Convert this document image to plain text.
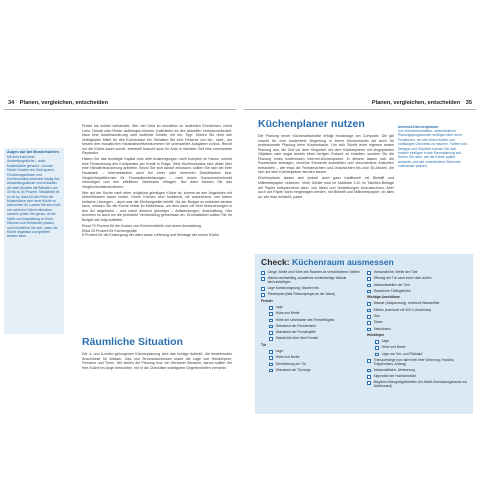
34 Planen, vergleichen, entscheiden	Planen, vergleichen, entscheiden 35
Augen auf bei Musterküchen
Mit dem Kauf einer Ausstellungsküche – auch Musterküche genannt – können Käufer Kunden viel Geld sparen. Einrichtungshäuser und Küchenstudios wechseln häufig ihre Ausstellungsstücke und verkaufen die alten Modelle mit Rabatten von 30 bis zu 60 Prozent. Tatsächlich ist es oft so, dass für den Preis der Musterküche eine neue Küche zu bekommen ist. Lassen Sie sich nicht von schönem Schein täuschen, sondern prüfen Sie genau, ob die Maße und Ausstattung zu Ihren Räumen und Wünschen passen, und informieren Sie sich, wann die Küche abgebaut und geliefert werden kann.

Preise bis zuletzt verhandelt, Wer viel Geld im monatlich zu laufenden Einnahmen, meist Lohn, Gehalt oder Rente, aufbringen können, Kaltmieten für den aktuellen Verbrauchsbedarf, etwa eine Autofinanzierung oder laufende Kredite, mit ein. Tipp: Setzen Sie nicht alle verfügbaren Mittel für den Küchenkauf ein. Behalten Sie eine Reserve von ein-, zwei-, am besten drei monatlichen Haushaltsnettoeinkommen für unerwartete Ausgaben zurück. Reicht nur die Küche kaum wurde, eventuell braucht auch Ihr Auto in nächster Zeit eine unerwartete Reparatur.

Haben Sie das benötigte Kapital trotz aller Anstrengungen nicht komplett im Hause, kommt eine Finanzierung des Kaufpreises per Kredit in Frage. Viele Küchenstudios sind direkt über eine Händlerfinanzierung anbieten. Bevor Sie sich darauf einlassen, sollten Sie sich bei Ihrer Hausbank – Internetbanken auch bei einer oder mehreren Direktbanken bzw. Vergleichsplattformen für Finanzdienstleistungen – nach einem Konsumentenkredit erkundigen und den effektiven Jahreszins erfragen. Nur dann können Sie das Vergleichsmaterial dienen.

Wer auf der Suche nach einer möglichst günstigen Küche ist, kommt an den Angeboten mit Möbelhäusern kaum vorbei. Deren Küchen sind funktional, oft ausreichend und haben einfache Lösungen – auch was die Küchengeräte betrifft. Da der Budget so entlastet werden kann, müssen Sie die Küche selbst im Möbelhaus, um dem dann mit Ihrer Anforderungen in den Art abgetimmt – und meist deutsch günstiger – Aufwendungen, Anschaffung. Hier kommen es auch um die preisliche Verhandlung gemeinsam an. Grundsätzlich sollten Sie Ihr Budget wie folgt aufteilen:

Rund 70 Prozent für die Kosten von Küchenmöbeln und deren Ausstattung
Etwa 25 Prozent für Küchengeräte
5 Prozent für die Entsorgung der alten sowie Lieferung und Montage der neuen Küche
Räumliche Situation

Die 4- und 6-zeilen gelungenen Küchenplanung sind das richtige Aufmaß, die bestehenden Anschlüsse für Wasser, Gas und Stromanschlüssen sowie die Lage von Heizkörpern, Fenstern und Türen. Wir stellen die Planung bzw. ein Stichwort Situation; darum sollten Sie Ihre Küche ins Auge betrachten, mit In die Checkliste wichtigsten Gegebenheiten vermerkt.

Küchenplaner nutzen

Die Planung neuer Küchenabschnitte erfolgt heutzutage am Computer. Die gilt sowohl für eine kostenfreie Begehung in Ihrem Küchenstudio als auch für professionelle Planung beim Küchenbauer. Um sich Schritt einer eigenen ersten Planung aus, die Zeit vor dem Gespräch mit dem Küchenplaner mit eingeplanten Objekten oder sogar bereits einen fertigen Entwurf zu erstellen, sondern Sie die Planung eines kostenlosen Internet-Küchenplaner. In diesem lassen sich die Raummaße eintragen, einzelne Elemente auswählen und verschiedene Ansichten betrachten – wie etwa die Frontansichten und Draufsichten bis zum 3D-Modell, die sich auf dem Küchenplaner abrufen lassen.

Küchenplaner lassen sich jedoch auch ganz traditionell mit Bleistift und Millimeterpapier zeichnen. Viele Geräte sind im Maßstab 1:20 im Tabellen-Beilage auf Papier entsprechend dann, von Ideen und Vorstellungen einzuzeichnen. Aber auch auf Papier kann eingetragen werden, mit Bleistift und Millimeterpapier, ob alles so, wie man wünscht, passt.

Internet-Küchenplaner
Von Küchenherstellern, verschiedenen Planungsprogrammen verfügen über mehr Funktionen, um sich einen ersten und vorläufigen Grundriss zu machen. Farben und Designs und Objekten können Sie sich einfach einfügen in das Raumplanung auf. Sehen Sie nach, wie die Küche später aussieht, und wie verschiedene Elemente zueinander passen.
Check: Küchenraum ausmessen
Länge, Breite und Höhe des Raumes an verschiedenen Stellen
Nische rechtwinklig, zulaufende schiefwinklige Wände berücksichtigen
Lage Kaminumsprung, Nischen etc.
Fliesenplan (falls Fliesenspiegel an der Wand)
Fenster
Lage
Höhe und Breite
Höhe der Unterkante des Fensterflügels
Überstand der Fensterbank
Überstand der Fenstergriffe
Standhöhe über dem Fenster
Tür
Lage
Höhe und Breite
Drehrichtung der Tür
Überstand der Türzarge
Vorwandhöhe, Breite der Türe
Öffnung der Tür nach innen oder außen
Abstandsstellen der Türe
Raumhohe Türflügelhöhe
Wichtige Anschlüsse
Wasser (Abspannung), eventuell Wasserfilter
Elektro (eventuell mit 400-V-Anschluss)
Gas
Strom
Steckdosen
Heizkörper
Lage
Höhe und Breite
Lage von Vor- und Rücklauf
Transportwege (von allem bei Ihrer Wohnung, Hausflur, Treppenhaus, Aufzug)
Abstandsfläche, Abtrennung
Kippmaße der Hochschränke
Mögliche Abzugmöglichkeiten (für Abluft-Dunstabzugshaube zur Außenwand)
